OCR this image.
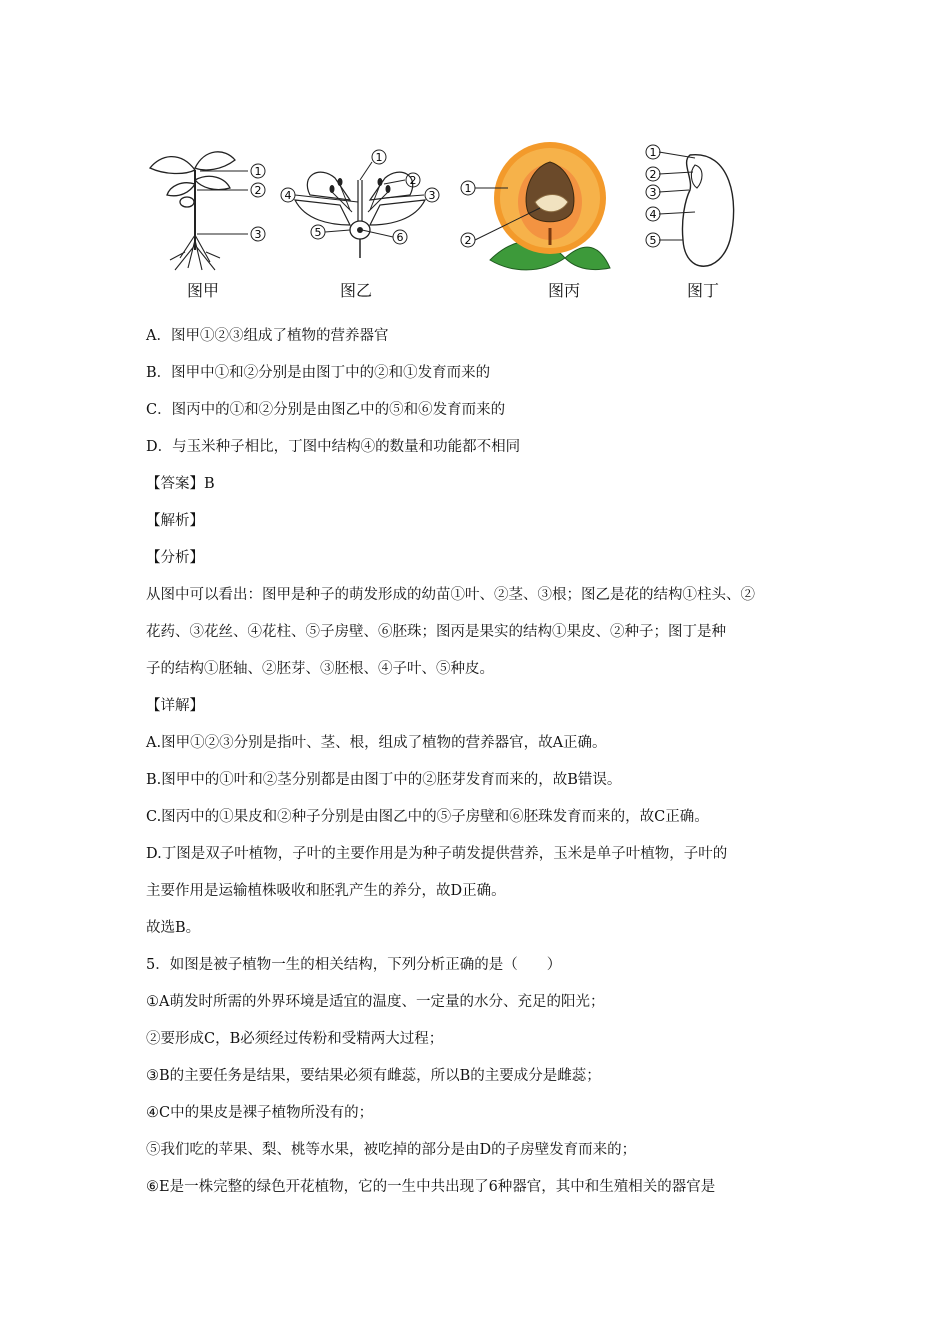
1
2
3
图甲
1
2
3
4
5	6
图乙
1
2
图丙
1
2
3
4
5
图丁
A．图甲①②③组成了植物的营养器官
B．图甲中①和②分别是由图丁中的②和①发育而来的
C．图丙中的①和②分别是由图乙中的⑤和⑥发育而来的
D．与玉米种子相比，丁图中结构④的数量和功能都不相同
【答案】B
【解析】
【分析】
从图中可以看出：图甲是种子的萌发形成的幼苗①叶、②茎、③根；图乙是花的结构①柱头、②
花药、③花丝、④花柱、⑤子房壁、⑥胚珠；图丙是果实的结构①果皮、②种子；图丁是种
子的结构①胚轴、②胚芽、③胚根、④子叶、⑤种皮。
【详解】
A.图甲①②③分别是指叶、茎、根，组成了植物的营养器官，故A正确。
B.图甲中的①叶和②茎分别都是由图丁中的②胚芽发育而来的，故B错误。
C.图丙中的①果皮和②种子分别是由图乙中的⑤子房壁和⑥胚珠发育而来的，故C正确。
D.丁图是双子叶植物，子叶的主要作用是为种子萌发提供营养，玉米是单子叶植物，子叶的
主要作用是运输植株吸收和胚乳产生的养分，故D正确。
故选B。
5．如图是被子植物一生的相关结构，下列分析正确的是（　　）
①A萌发时所需的外界环境是适宜的温度、一定量的水分、充足的阳光；
②要形成C，B必须经过传粉和受精两大过程；
③B的主要任务是结果，要结果必须有雌蕊，所以B的主要成分是雌蕊；
④C中的果皮是裸子植物所没有的；
⑤我们吃的苹果、梨、桃等水果，被吃掉的部分是由D的子房壁发育而来的；
⑥E是一株完整的绿色开花植物，它的一生中共出现了6种器官，其中和生殖相关的器官是
